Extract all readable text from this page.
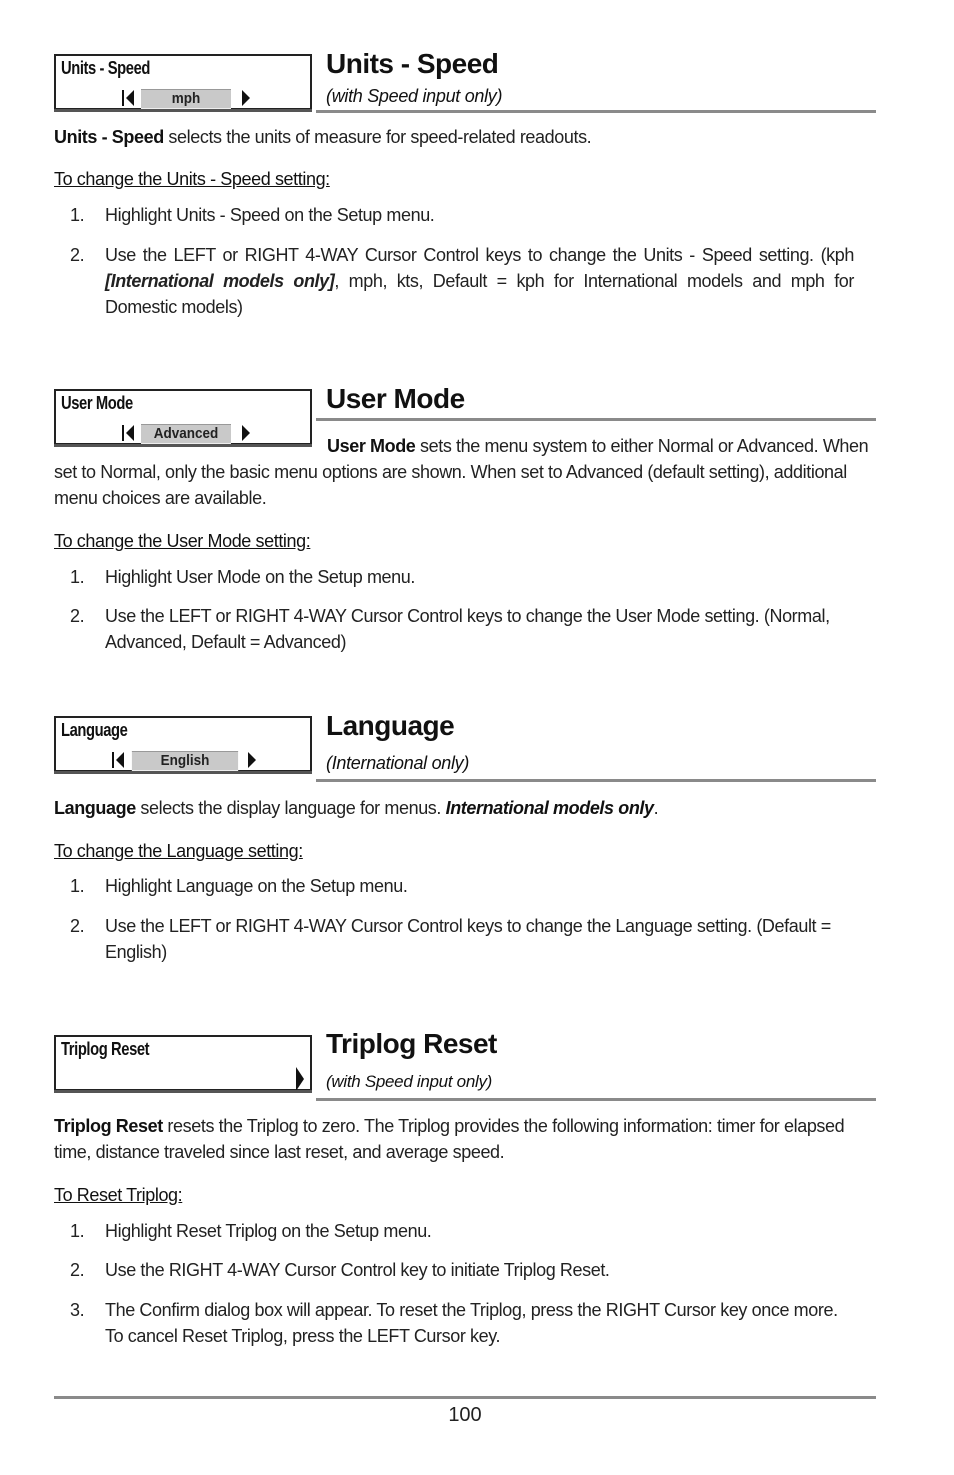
Units - Speed
mph
Units - Speed
(with Speed input only)
Units - Speed selects the units of measure for speed-related readouts.
To change the Units - Speed setting:
1. Highlight Units - Speed on the Setup menu.
2. Use the LEFT or RIGHT 4-WAY Cursor Control keys to change the Units - Speed setting. (kph [International models only], mph, kts, Default = kph for International models and mph for Domestic models)
User Mode
Advanced
User Mode
User Mode sets the menu system to either Normal or Advanced. When set to Normal, only the basic menu options are shown. When set to Advanced (default setting), additional menu choices are available.
To change the User Mode setting:
1. Highlight User Mode on the Setup menu.
2. Use the LEFT or RIGHT 4-WAY Cursor Control keys to change the User Mode setting. (Normal, Advanced, Default = Advanced)
Language
English
Language
(International only)
Language selects the display language for menus. International models only.
To change the Language setting:
1. Highlight Language on the Setup menu.
2. Use the LEFT or RIGHT 4-WAY Cursor Control keys to change the Language setting. (Default = English)
Triplog Reset	Triplog Reset
(with Speed input only)
Triplog Reset resets the Triplog to zero. The Triplog provides the following information: timer for elapsed time, distance traveled since last reset, and average speed.
To Reset Triplog:
1. Highlight Reset Triplog on the Setup menu.
2. Use the RIGHT 4-WAY Cursor Control key to initiate Triplog Reset.
3. The Confirm dialog box will appear. To reset the Triplog, press the RIGHT Cursor key once more. To cancel Reset Triplog, press the LEFT Cursor key.
100
